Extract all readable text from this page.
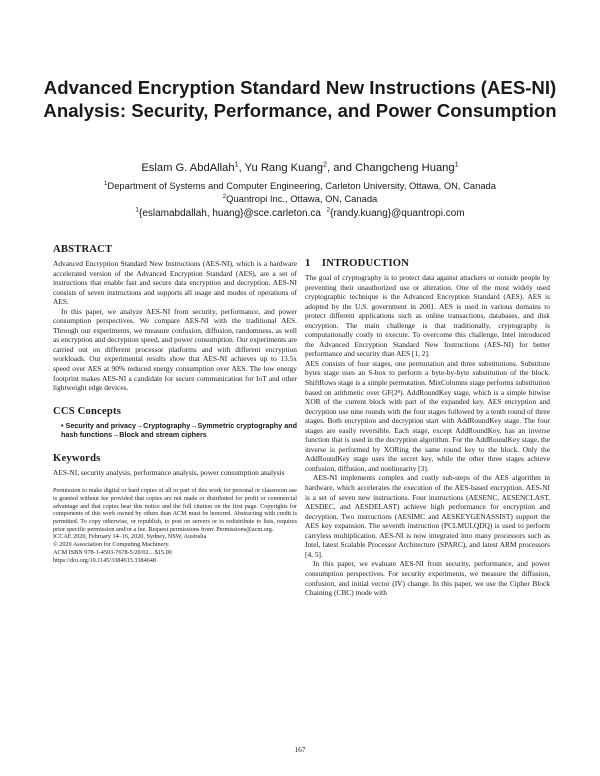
Advanced Encryption Standard New Instructions (AES-NI) Analysis: Security, Performance, and Power Consumption
Eslam G. AbdAllah$^1$, Yu Rang Kuang$^2$, and Changcheng Huang$^1$
$^1$Department of Systems and Computer Engineering, Carleton University, Ottawa, ON, Canada
$^2$Quantropi Inc., Ottawa, ON, Canada
$^1${eslamabdallah, huang}@sce.carleton.ca $^2${randy.kuang}@quantropi.com
ABSTRACT

Advanced Encryption Standard New Instructions (AES-NI), which is a hardware accelerated version of the Advanced Encryption Standard (AES), are a set of instructions that enable fast and secure data encryption and decryption. AES-NI consists of seven instructions and supports all usage and modes of operations of AES.

In this paper, we analyze AES-NI from security, performance, and power consumption perspectives. We compare AES-NI with the traditional AES. Through our experiments, we measure confusion, diffusion, randomness, as well as encryption and decryption speed, and power consumption. Our experiments are carried out on different processor platforms and with different encryption workloads. Our experimental results show that AES-NI achieves up to 13.5x speed over AES at 90% reduced energy consumption over AES. The low energy footprint makes AES-NI a candidate for secure communication for IoT and other lightweight edge devices.

CCS Concepts

• Security and privacy→Cryptography→Symmetric cryptography and hash functions→Block and stream ciphers

Keywords

AES-NI, security analysis, performance analysis, power consumption analysis

Permission to make digital or hard copies of all or part of this work for personal or classroom use is granted without fee provided that copies are not made or distributed for profit or commercial advantage and that copies bear this notice and the full citation on the first page. Copyrights for components of this work owned by others than ACM must be honored. Abstracting with credit is permitted. To copy otherwise, or republish, to post on servers or to redistribute to lists, requires prior specific permission and/or a fee. Request permissions from: Permissions@acm.org.

ICCAE 2020, February 14–16, 2020, Sydney, NSW, Australia

© 2020 Association for Computing Machinery.

ACM ISBN 978-1-4503-7678-5/20/02…$15.00

https://doi.org/10.1145/3384613.3384648

1    INTRODUCTION

The goal of cryptography is to protect data against attackers or outside people by preventing their unauthorized use or alteration. One of the most widely used cryptographic technique is the Advanced Encryption Standard (AES). AES is adopted by the U.S. government in 2001. AES is used in various domains to protect different applications such as online transactions, databases, and disk encryption. The main challenge is that traditionally, cryptography is computationally costly to execute. To overcome this challenge, Intel introduced the Advanced Encryption Standard New Instructions (AES-NI) for better performance and security than AES [1, 2].

AES consists of four stages, one permutation and three substitutions. Substitute bytes stage uses an S-box to perform a byte-by-byte substitution of the block. ShiftRows stage is a simple permutation. MixColumns stage performs substitution based on arithmetic over GF(2⁸). AddRoundKey stage, which is a simple bitwise XOR of the current block with part of the expanded key. AES encryption and decryption use nine rounds with the four stages followed by a tenth round of three stages. Both encryption and decryption start with AddRoundKey stage. The four stages are easily reversible. Each stage, except AddRoundKey, has an inverse function that is used in the decryption algorithm. For the AddRoundKey stage, the inverse is performed by XORing the same round key to the block. Only the AddRoundKey stage uses the secret key, while the other three stages achieve confusion, diffusion, and nonlinearity [3].

AES-NI implements complex and costly sub-steps of the AES algorithm in hardware, which accelerates the execution of the AES-based encryption. AES-NI is a set of seven new instructions. Four instructions (AESENC, AESENCLAST, AESDEC, and AESDELAST) achieve high performance for encryption and decryption. Two instructions (AESIMC and AESKEYGENASSIST) support the AES key expansion. The seventh instruction (PCLMULQDQ) is used to perform carryless multiplication. AES-NI is now integrated into many processors such as Intel, latest Scalable Processor Architecture (SPARC), and latest ARM processors [4, 5].

In this paper, we evaluate AES-NI from security, performance, and power consumption perspectives. For security experiments, we measure the diffusion, confusion, and initial vector (IV) change. In this paper, we use the Cipher Block Chaining (CBC) mode with

167
